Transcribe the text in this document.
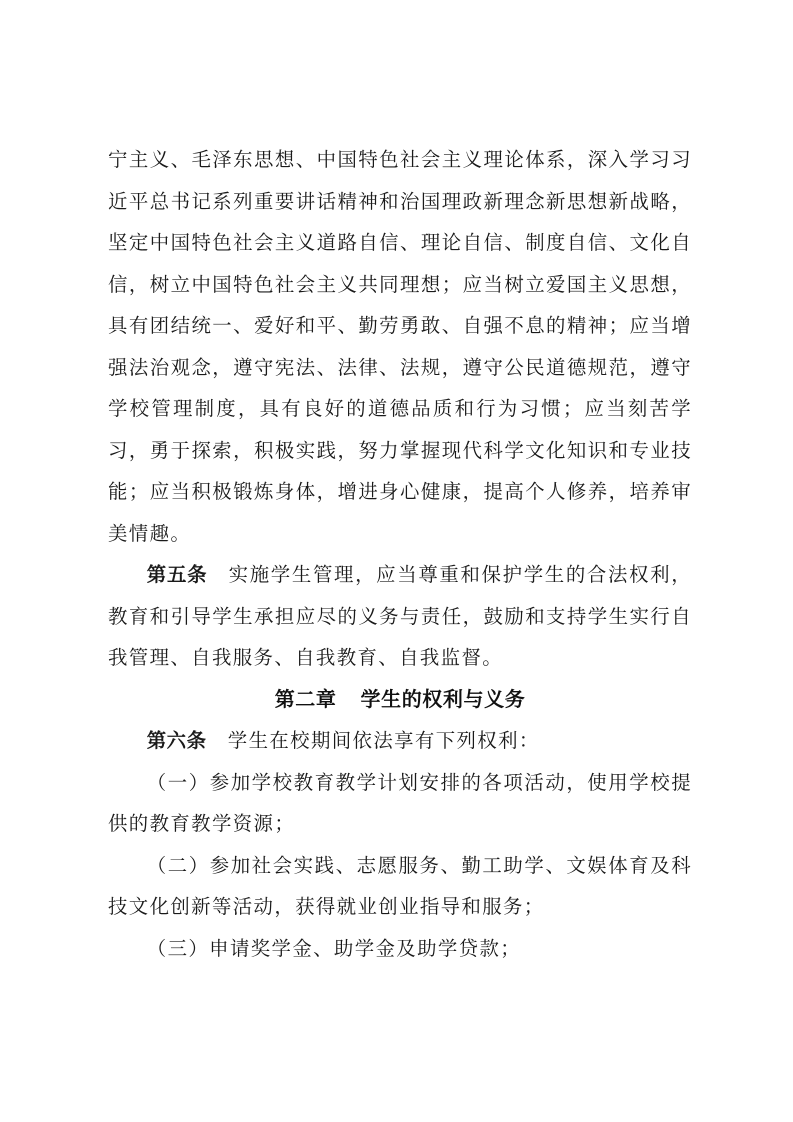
宁主义、毛泽东思想、中国特色社会主义理论体系，深入学习习近平总书记系列重要讲话精神和治国理政新理念新思想新战略，坚定中国特色社会主义道路自信、理论自信、制度自信、文化自信，树立中国特色社会主义共同理想；应当树立爱国主义思想，具有团结统一、爱好和平、勤劳勇敢、自强不息的精神；应当增强法治观念，遵守宪法、法律、法规，遵守公民道德规范，遵守学校管理制度，具有良好的道德品质和行为习惯；应当刻苦学习，勇于探索，积极实践，努力掌握现代科学文化知识和专业技能；应当积极锻炼身体，增进身心健康，提高个人修养，培养审美情趣。

第五条 实施学生管理，应当尊重和保护学生的合法权利，教育和引导学生承担应尽的义务与责任，鼓励和支持学生实行自我管理、自我服务、自我教育、自我监督。

第二章 学生的权利与义务

第六条 学生在校期间依法享有下列权利：

（一）参加学校教育教学计划安排的各项活动，使用学校提供的教育教学资源；

（二）参加社会实践、志愿服务、勤工助学、文娱体育及科技文化创新等活动，获得就业创业指导和服务；

（三）申请奖学金、助学金及助学贷款；
